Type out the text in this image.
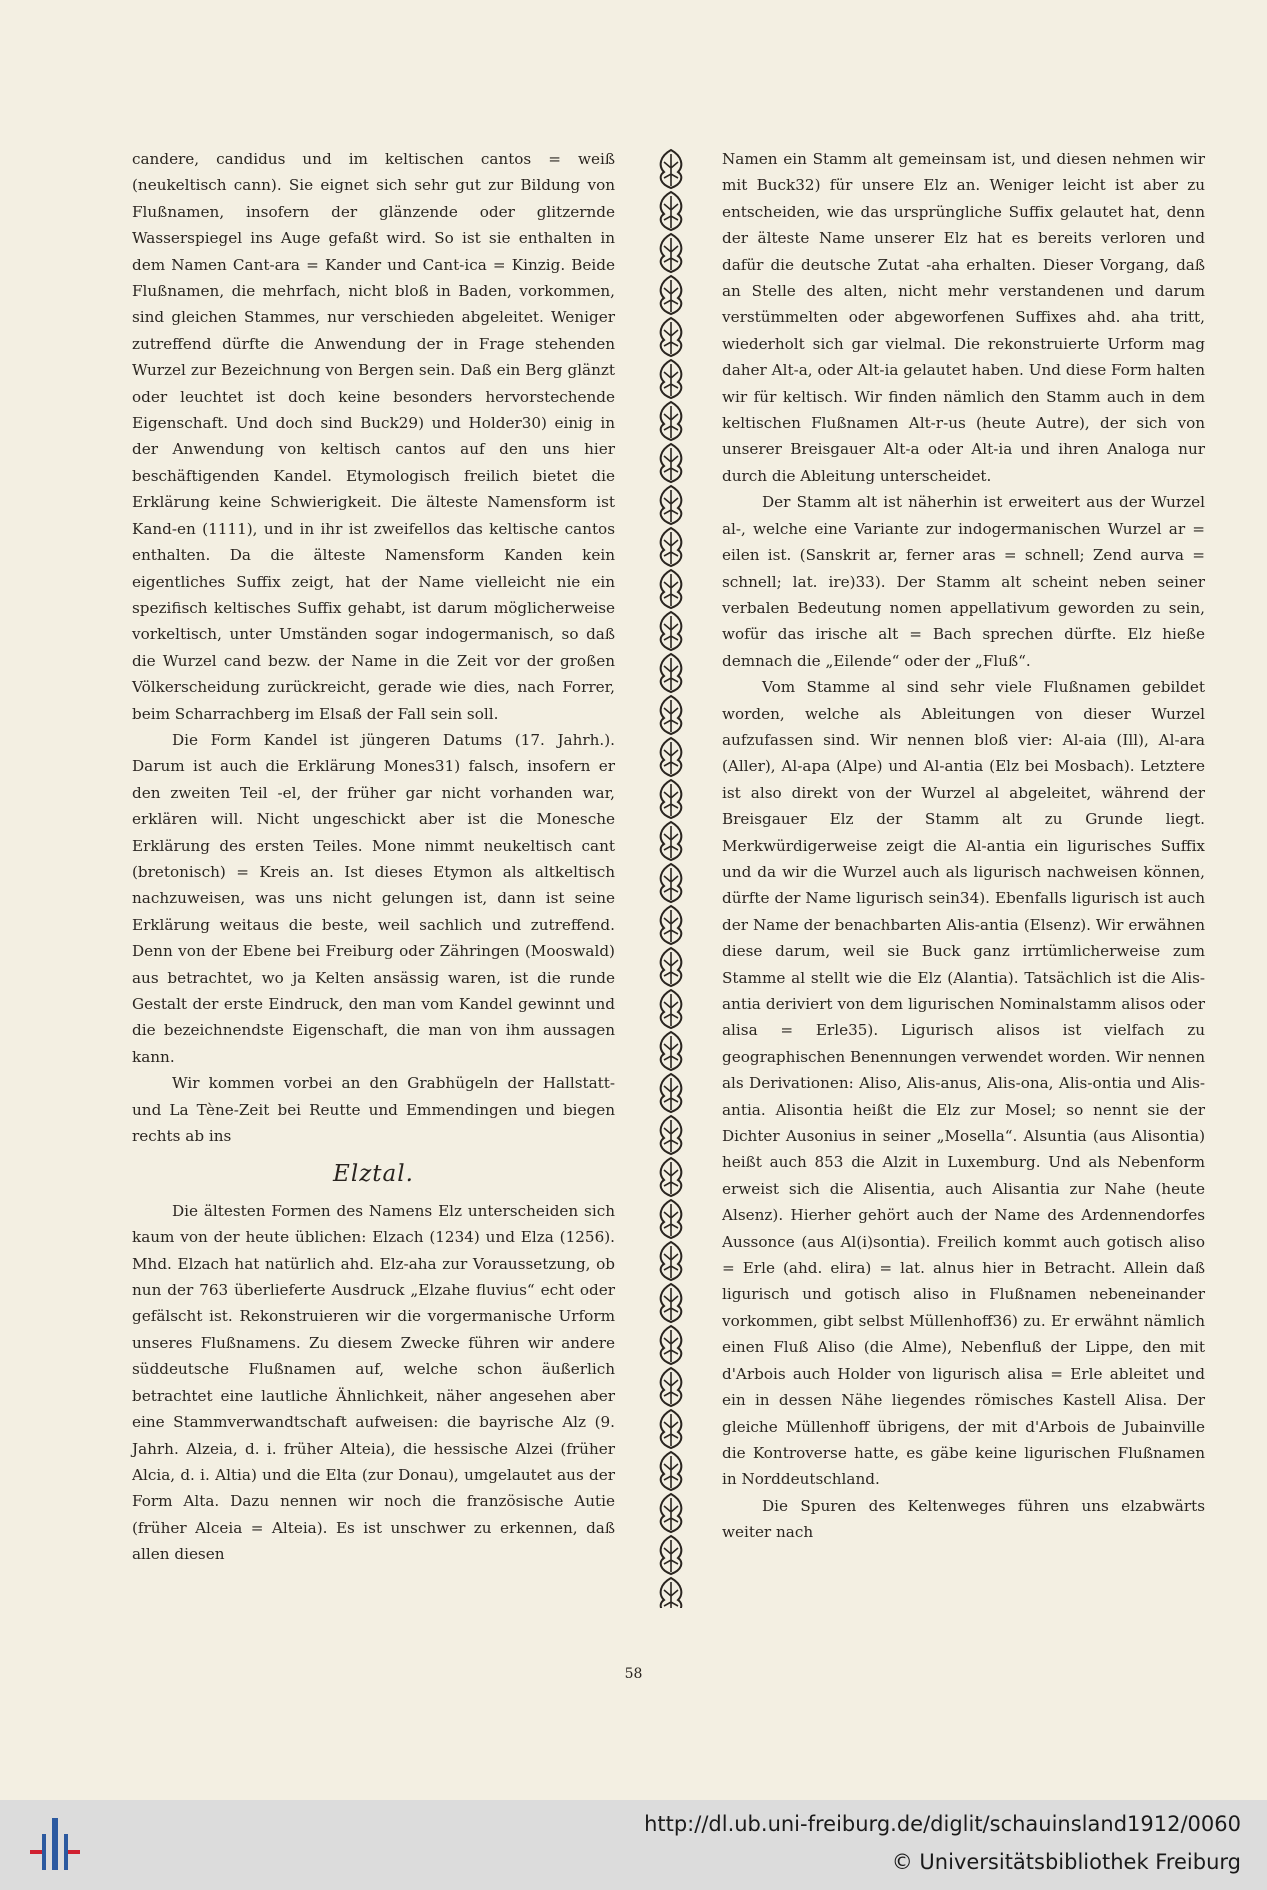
candere, candidus und im keltischen cantos = weiß (neukeltisch cann). Sie eignet sich sehr gut zur Bildung von Flußnamen, insofern der glänzende oder glitzernde Wasserspiegel ins Auge gefaßt wird. So ist sie enthalten in dem Namen Cant-ara = Kander und Cant-ica = Kinzig. Beide Flußnamen, die mehrfach, nicht bloß in Baden, vorkommen, sind gleichen Stammes, nur verschieden abgeleitet. Weniger zutreffend dürfte die Anwendung der in Frage stehenden Wurzel zur Bezeichnung von Bergen sein. Daß ein Berg glänzt oder leuchtet ist doch keine besonders hervorstechende Eigenschaft. Und doch sind Buck29) und Holder30) einig in der Anwendung von keltisch cantos auf den uns hier beschäftigenden Kandel. Etymologisch freilich bietet die Erklärung keine Schwierigkeit. Die älteste Namensform ist Kand-en (1111), und in ihr ist zweifellos das keltische cantos enthalten. Da die älteste Namensform Kanden kein eigentliches Suffix zeigt, hat der Name vielleicht nie ein spezifisch keltisches Suffix gehabt, ist darum möglicherweise vorkeltisch, unter Umständen sogar indogermanisch, so daß die Wurzel cand bezw. der Name in die Zeit vor der großen Völkerscheidung zurückreicht, gerade wie dies, nach Forrer, beim Scharrachberg im Elsaß der Fall sein soll.

Die Form Kandel ist jüngeren Datums (17. Jahrh.). Darum ist auch die Erklärung Mones31) falsch, insofern er den zweiten Teil -el, der früher gar nicht vorhanden war, erklären will. Nicht ungeschickt aber ist die Monesche Erklärung des ersten Teiles. Mone nimmt neukeltisch cant (bretonisch) = Kreis an. Ist dieses Etymon als altkeltisch nachzuweisen, was uns nicht gelungen ist, dann ist seine Erklärung weitaus die beste, weil sachlich und zutreffend. Denn von der Ebene bei Freiburg oder Zähringen (Mooswald) aus betrachtet, wo ja Kelten ansässig waren, ist die runde Gestalt der erste Eindruck, den man vom Kandel gewinnt und die bezeichnendste Eigenschaft, die man von ihm aussagen kann.

Wir kommen vorbei an den Grabhügeln der Hallstatt- und La Tène-Zeit bei Reutte und Emmendingen und biegen rechts ab ins

Elztal.

Die ältesten Formen des Namens Elz unterscheiden sich kaum von der heute üblichen: Elzach (1234) und Elza (1256). Mhd. Elzach hat natürlich ahd. Elz-aha zur Voraussetzung, ob nun der 763 überlieferte Ausdruck „Elzahe fluvius“ echt oder gefälscht ist. Rekonstruieren wir die vorgermanische Urform unseres Flußnamens. Zu diesem Zwecke führen wir andere süddeutsche Flußnamen auf, welche schon äußerlich betrachtet eine lautliche Ähnlichkeit, näher angesehen aber eine Stammverwandtschaft aufweisen: die bayrische Alz (9. Jahrh. Alzeia, d. i. früher Alteia), die hessische Alzei (früher Alcia, d. i. Altia) und die Elta (zur Donau), umgelautet aus der Form Alta. Dazu nennen wir noch die französische Autie (früher Alceia = Alteia). Es ist unschwer zu erkennen, daß allen diesen

Namen ein Stamm alt gemeinsam ist, und diesen nehmen wir mit Buck32) für unsere Elz an. Weniger leicht ist aber zu entscheiden, wie das ursprüngliche Suffix gelautet hat, denn der älteste Name unserer Elz hat es bereits verloren und dafür die deutsche Zutat -aha erhalten. Dieser Vorgang, daß an Stelle des alten, nicht mehr verstandenen und darum verstümmelten oder abgeworfenen Suffixes ahd. aha tritt, wiederholt sich gar vielmal. Die rekonstruierte Urform mag daher Alt-a, oder Alt-ia gelautet haben. Und diese Form halten wir für keltisch. Wir finden nämlich den Stamm auch in dem keltischen Flußnamen Alt-r-us (heute Autre), der sich von unserer Breisgauer Alt-a oder Alt-ia und ihren Analoga nur durch die Ableitung unterscheidet.

Der Stamm alt ist näherhin ist erweitert aus der Wurzel al-, welche eine Variante zur indogermanischen Wurzel ar = eilen ist. (Sanskrit ar, ferner aras = schnell; Zend aurva = schnell; lat. ire)33). Der Stamm alt scheint neben seiner verbalen Bedeutung nomen appellativum geworden zu sein, wofür das irische alt = Bach sprechen dürfte. Elz hieße demnach die „Eilende“ oder der „Fluß“.

Vom Stamme al sind sehr viele Flußnamen gebildet worden, welche als Ableitungen von dieser Wurzel aufzufassen sind. Wir nennen bloß vier: Al-aia (Ill), Al-ara (Aller), Al-apa (Alpe) und Al-antia (Elz bei Mosbach). Letztere ist also direkt von der Wurzel al abgeleitet, während der Breisgauer Elz der Stamm alt zu Grunde liegt. Merkwürdigerweise zeigt die Al-antia ein ligurisches Suffix und da wir die Wurzel auch als ligurisch nachweisen können, dürfte der Name ligurisch sein34). Ebenfalls ligurisch ist auch der Name der benachbarten Alis-antia (Elsenz). Wir erwähnen diese darum, weil sie Buck ganz irrtümlicherweise zum Stamme al stellt wie die Elz (Alantia). Tatsächlich ist die Alis-antia deriviert von dem ligurischen Nominalstamm alisos oder alisa = Erle35). Ligurisch alisos ist vielfach zu geographischen Benennungen verwendet worden. Wir nennen als Derivationen: Aliso, Alis-anus, Alis-ona, Alis-ontia und Alis-antia. Alisontia heißt die Elz zur Mosel; so nennt sie der Dichter Ausonius in seiner „Mosella“. Alsuntia (aus Alisontia) heißt auch 853 die Alzit in Luxemburg. Und als Nebenform erweist sich die Alisentia, auch Alisantia zur Nahe (heute Alsenz). Hierher gehört auch der Name des Ardennendorfes Aussonce (aus Al(i)sontia). Freilich kommt auch gotisch aliso = Erle (ahd. elira) = lat. alnus hier in Betracht. Allein daß ligurisch und gotisch aliso in Flußnamen nebeneinander vorkommen, gibt selbst Müllenhoff36) zu. Er erwähnt nämlich einen Fluß Aliso (die Alme), Nebenfluß der Lippe, den mit d'Arbois auch Holder von ligurisch alisa = Erle ableitet und ein in dessen Nähe liegendes römisches Kastell Alisa. Der gleiche Müllenhoff übrigens, der mit d'Arbois de Jubainville die Kontroverse hatte, es gäbe keine ligurischen Flußnamen in Norddeutschland.

Die Spuren des Keltenweges führen uns elzabwärts weiter nach

58
http://dl.ub.uni-freiburg.de/diglit/schauinsland1912/0060
© Universitätsbibliothek Freiburg
